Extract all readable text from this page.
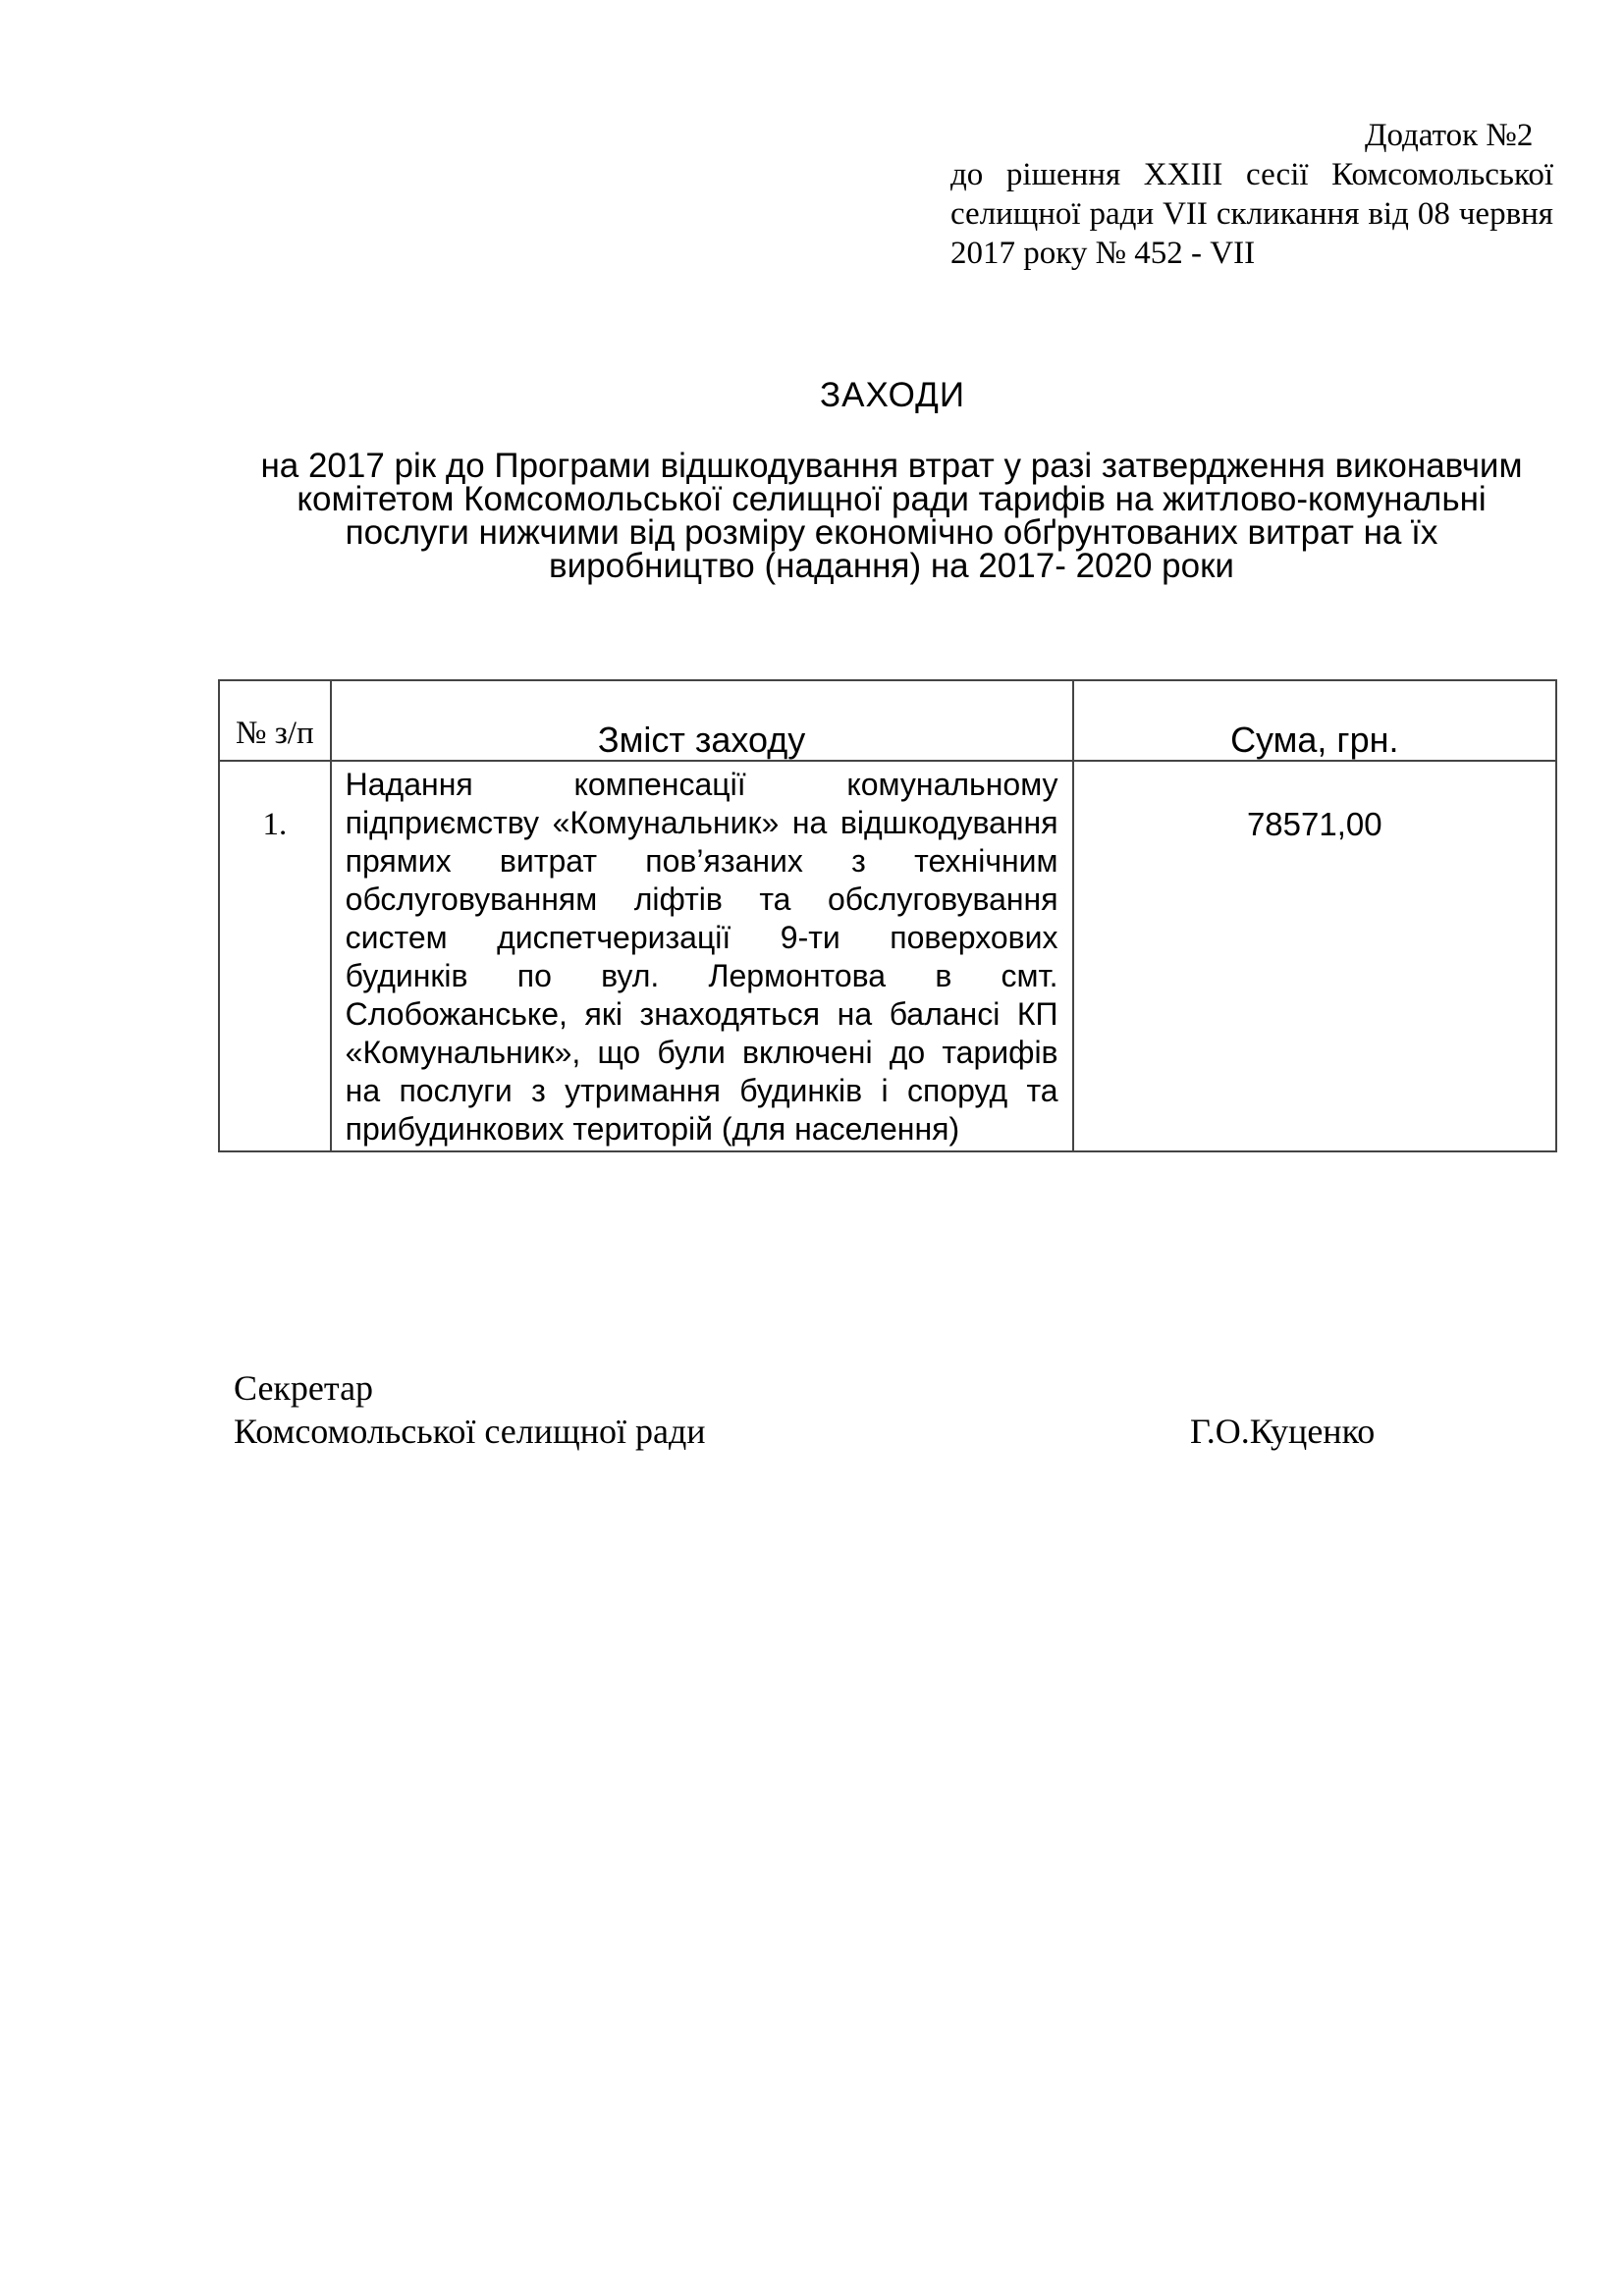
Додаток №2
до рішення XXIII сесії Комсомольської селищної ради VII скликання від 08 червня 2017 року № 452 - VII
ЗАХОДИ
на 2017 рік до Програми відшкодування втрат у разі затвердження виконавчим комітетом Комсомольської селищної ради тарифів на житлово-комунальні послуги нижчими від розміру економічно обґрунтованих витрат на їх виробництво (надання) на 2017- 2020 роки
№ з/п	Зміст заходу	Сума, грн.
1.	Надання компенсації комунальному підприємству «Комунальник» на відшкодування прямих витрат пов’язаних з технічним обслуговуванням ліфтів та обслуговування систем диспетчеризації 9-ти поверхових будинків по вул. Лермонтова в смт. Слобожанське, які знаходяться на балансі КП «Комунальник», що були включені до тарифів на послуги з утримання будинків і споруд та прибудинкових територій (для населення)	78571,00
Секретар
Комсомольської селищної ради	Г.О.Куценко
